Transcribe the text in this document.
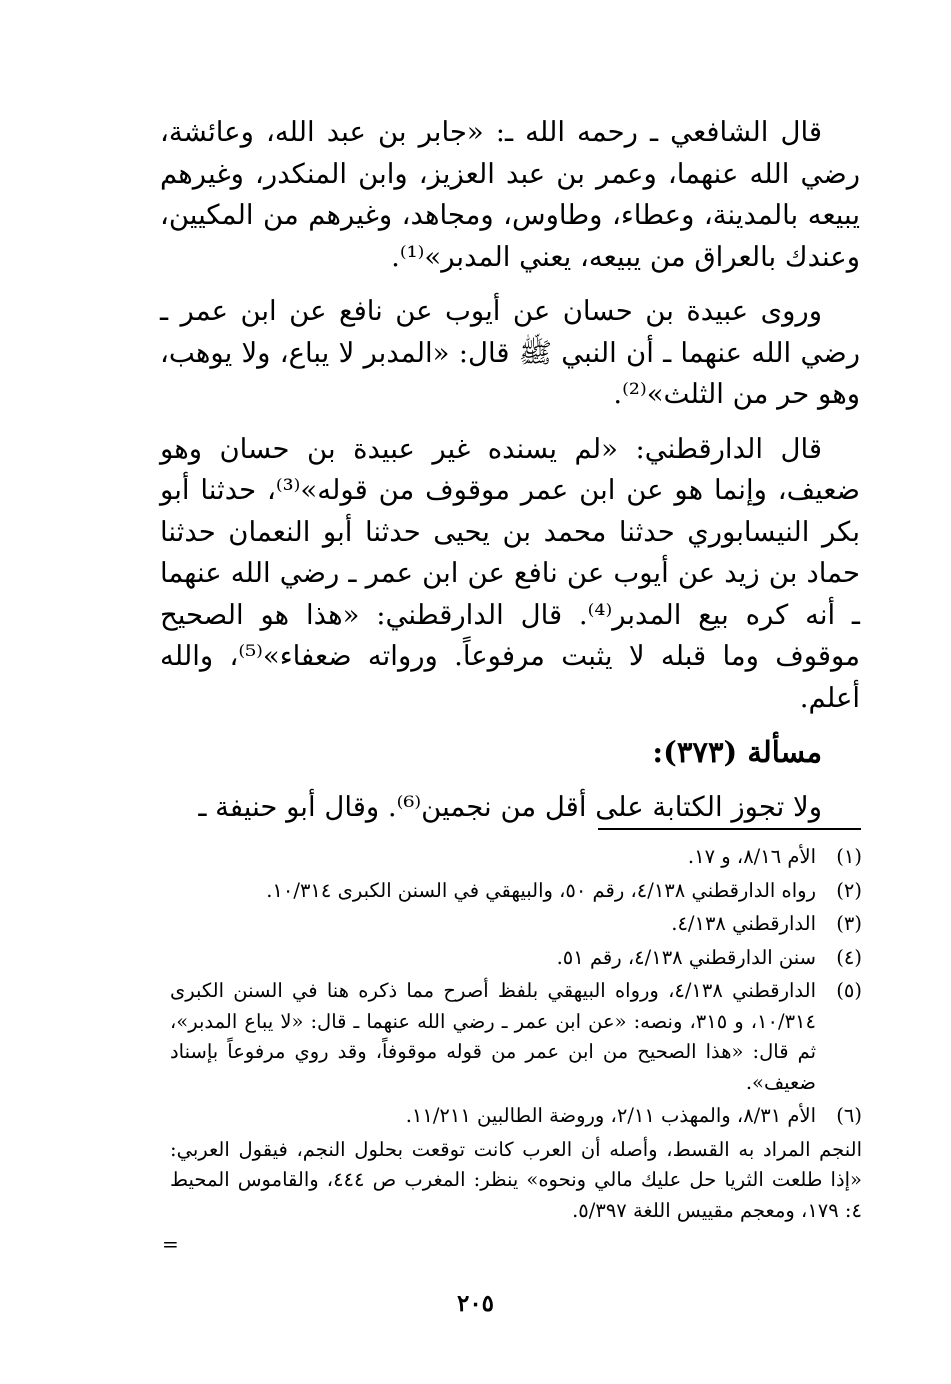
قال الشافعي ـ رحمه الله ـ: «جابر بن عبد الله، وعائشة، رضي الله عنهما، وعمر بن عبد العزيز، وابن المنكدر، وغيرهم يبيعه بالمدينة، وعطاء، وطاوس، ومجاهد، وغيرهم من المكيين، وعندك بالعراق من يبيعه، يعني المدبر»⁽¹⁾.

وروى عبيدة بن حسان عن أيوب عن نافع عن ابن عمر ـ رضي الله عنهما ـ أن النبي ﷺ قال: «المدبر لا يباع، ولا يوهب، وهو حر من الثلث»⁽²⁾.

قال الدارقطني: «لم يسنده غير عبيدة بن حسان وهو ضعيف، وإنما هو عن ابن عمر موقوف من قوله»⁽³⁾، حدثنا أبو بكر النيسابوري حدثنا محمد بن يحيى حدثنا أبو النعمان حدثنا حماد بن زيد عن أيوب عن نافع عن ابن عمر ـ رضي الله عنهما ـ أنه كره بيع المدبر⁽⁴⁾. قال الدارقطني: «هذا هو الصحيح موقوف وما قبله لا يثبت مرفوعاً. ورواته ضعفاء»⁽⁵⁾، والله أعلم.

مسألة (٣٧٣):

ولا تجوز الكتابة على أقل من نجمين⁽⁶⁾. وقال أبو حنيفة ـ

(١)
الأم ٨/١٦، و ١٧.
(٢)
رواه الدارقطني ٤/١٣٨، رقم ٥٠، والبيهقي في السنن الكبرى ١٠/٣١٤.
(٣)
الدارقطني ٤/١٣٨.
(٤)
سنن الدارقطني ٤/١٣٨، رقم ٥١.
(٥)
الدارقطني ٤/١٣٨، ورواه البيهقي بلفظ أصرح مما ذكره هنا في السنن الكبرى ١٠/٣١٤، و ٣١٥، ونصه: «عن ابن عمر ـ رضي الله عنهما ـ قال: «لا يباع المدبر»، ثم قال: «هذا الصحيح من ابن عمر من قوله موقوفاً، وقد روي مرفوعاً بإسناد ضعيف».
(٦)
الأم ٨/٣١، والمهذب ٢/١١، وروضة الطالبين ١١/٢١١.
النجم المراد به القسط، وأصله أن العرب كانت توقعت بحلول النجم، فيقول العربي: «إذا طلعت الثريا حل عليك مالي ونحوه» ينظر: المغرب ص ٤٤٤، والقاموس المحيط ٤: ١٧٩، ومعجم مقييس اللغة ٥/٣٩٧.
=
٢٠٥
